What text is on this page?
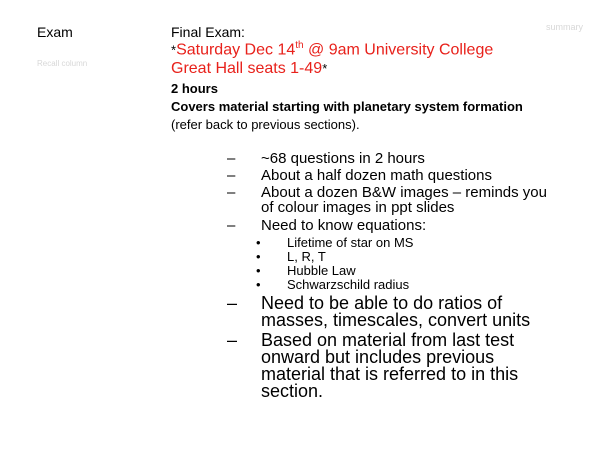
Exam
Recall column
summary
Final Exam:
*Saturday Dec 14th @ 9am University College
Great Hall seats 1-49*
2 hours
Covers material starting with planetary system formation
(refer back to previous sections).
– ~68 questions in 2 hours
– About a half dozen math questions
– About a dozen B&W images – reminds you
of colour images in ppt slides
– Need to know equations:
• Lifetime of star on MS
• L, R, T
• Hubble Law
• Schwarzschild radius
– Need to be able to do ratios of
masses, timescales, convert units
– Based on material from last test
onward but includes previous
material that is referred to in this
section.
